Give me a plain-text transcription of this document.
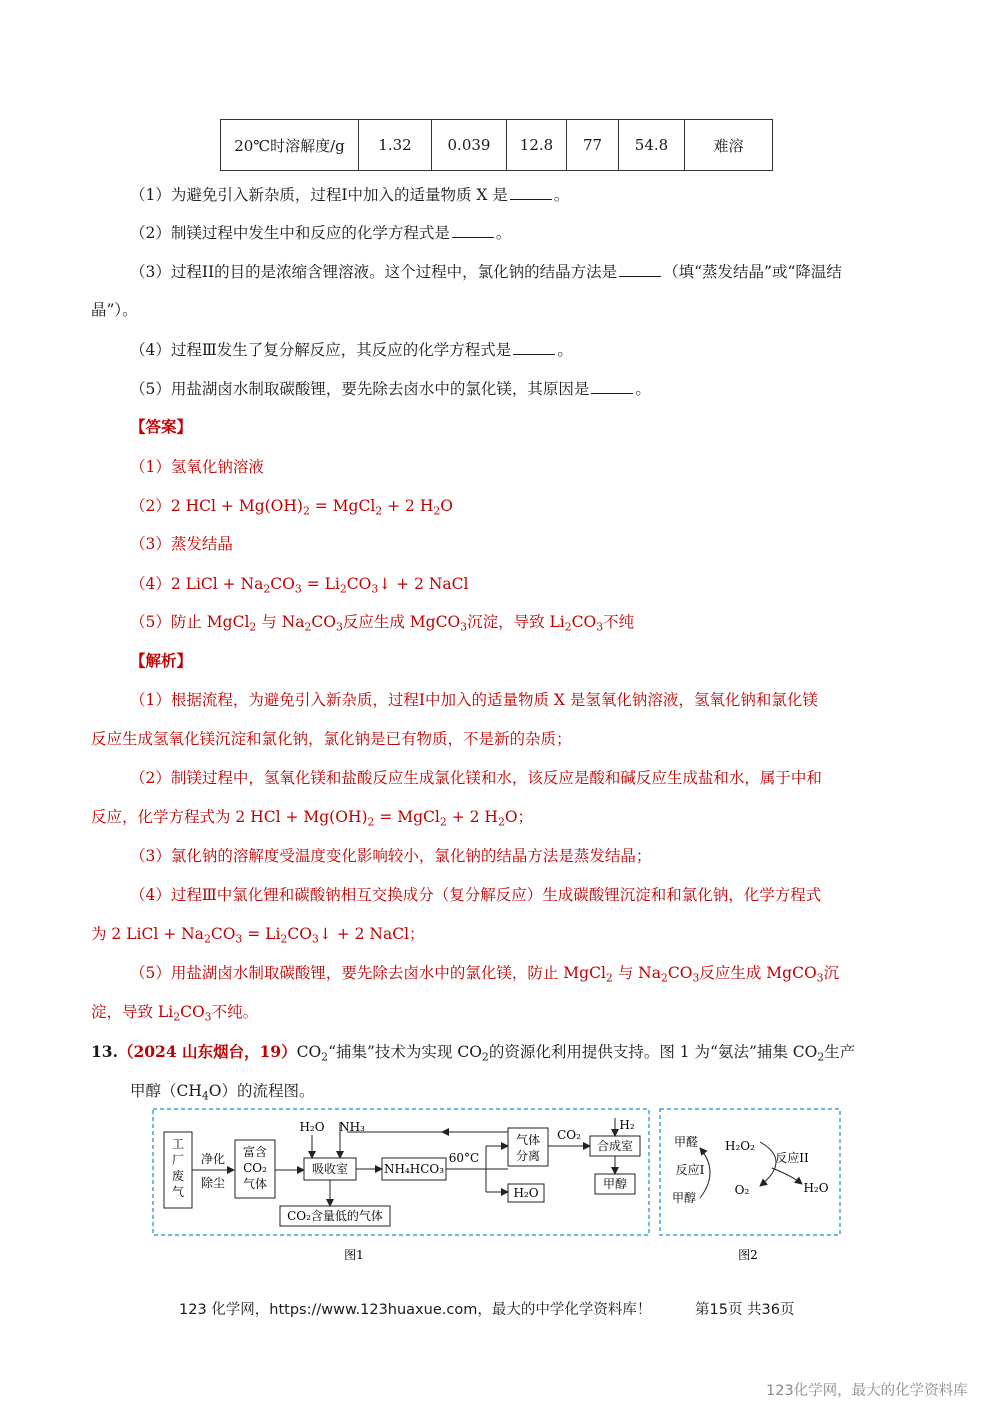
20℃时溶解度/g	1.32	0.039	12.8	77	54.8	难溶
（1）为避免引入新杂质，过程I中加入的适量物质 X 是	。
（2）制镁过程中发生中和反应的化学方程式是	。
（3）过程II的目的是浓缩含锂溶液。这个过程中，氯化钠的结晶方法是	（填“蒸发结晶”或“降温结
晶”）。
（4）过程Ⅲ发生了复分解反应，其反应的化学方程式是	。
（5）用盐湖卤水制取碳酸锂，要先除去卤水中的氯化镁，其原因是	。
【答案】
（1）氢氧化钠溶液
（2）2 HCl + $Mg(OH)_2$ = MgCl$_2$ + 2 $H_2O$
（3）蒸发结晶
（4）2 LiCl + $Na_2CO_3$ = $Li_2CO_3↓ + 2$ NaCl
（5）防止 MgCl$_2$ 与 $Na_2CO_3$反应生成 MgCO$_3$沉淀，导致 $Li_2CO_3$不纯
【解析】
（1）根据流程，为避免引入新杂质，过程I中加入的适量物质 X 是氢氧化钠溶液，氢氧化钠和氯化镁
反应生成氢氧化镁沉淀和氯化钠，氯化钠是已有物质，不是新的杂质；
（2）制镁过程中，氢氧化镁和盐酸反应生成氯化镁和水，该反应是酸和碱反应生成盐和水，属于中和
反应，化学方程式为 2 HCl + $Mg(OH)_2$ = MgCl$_2$ + 2 $H_2O$；
（3）氯化钠的溶解度受温度变化影响较小，氯化钠的结晶方法是蒸发结晶；
（4）过程Ⅲ中氯化锂和碳酸钠相互交换成分（复分解反应）生成碳酸锂沉淀和和氯化钠，化学方程式
为 2 LiCl + $Na_2CO_3$ = $Li_2CO_3↓ + 2$ NaCl；
（5）用盐湖卤水制取碳酸锂，要先除去卤水中的氯化镁，防止 MgCl$_2$ 与 $Na_2CO_3$反应生成 MgCO$_3$沉
淀，导致 $Li_2CO_3$不纯。
13.（2024 山东烟台，$19)CO_2“$捕集”技术为实现 $CO_2$的资源化利用提供支持。图 1 为“氨法”捕集 $CO_2$生产
甲醇$(CH_4O)$的流程图。
工
厂
废
气
净化
除尘
富含
CO₂
气体
H₂O NH₃
吸收室
CO₂含量低的气体
NH₄HCO₃
60°C
气体
分离
H₂O
CO₂
H₂
合成室
甲醇
图1
甲醛 H₂O₂
反应I
反应II
甲醇
O₂	H₂O
图2
123 化学网，https://www.123huaxue.com，最大的中学化学资料库！	第15页 共36页
123化学网，最大的化学资料库
